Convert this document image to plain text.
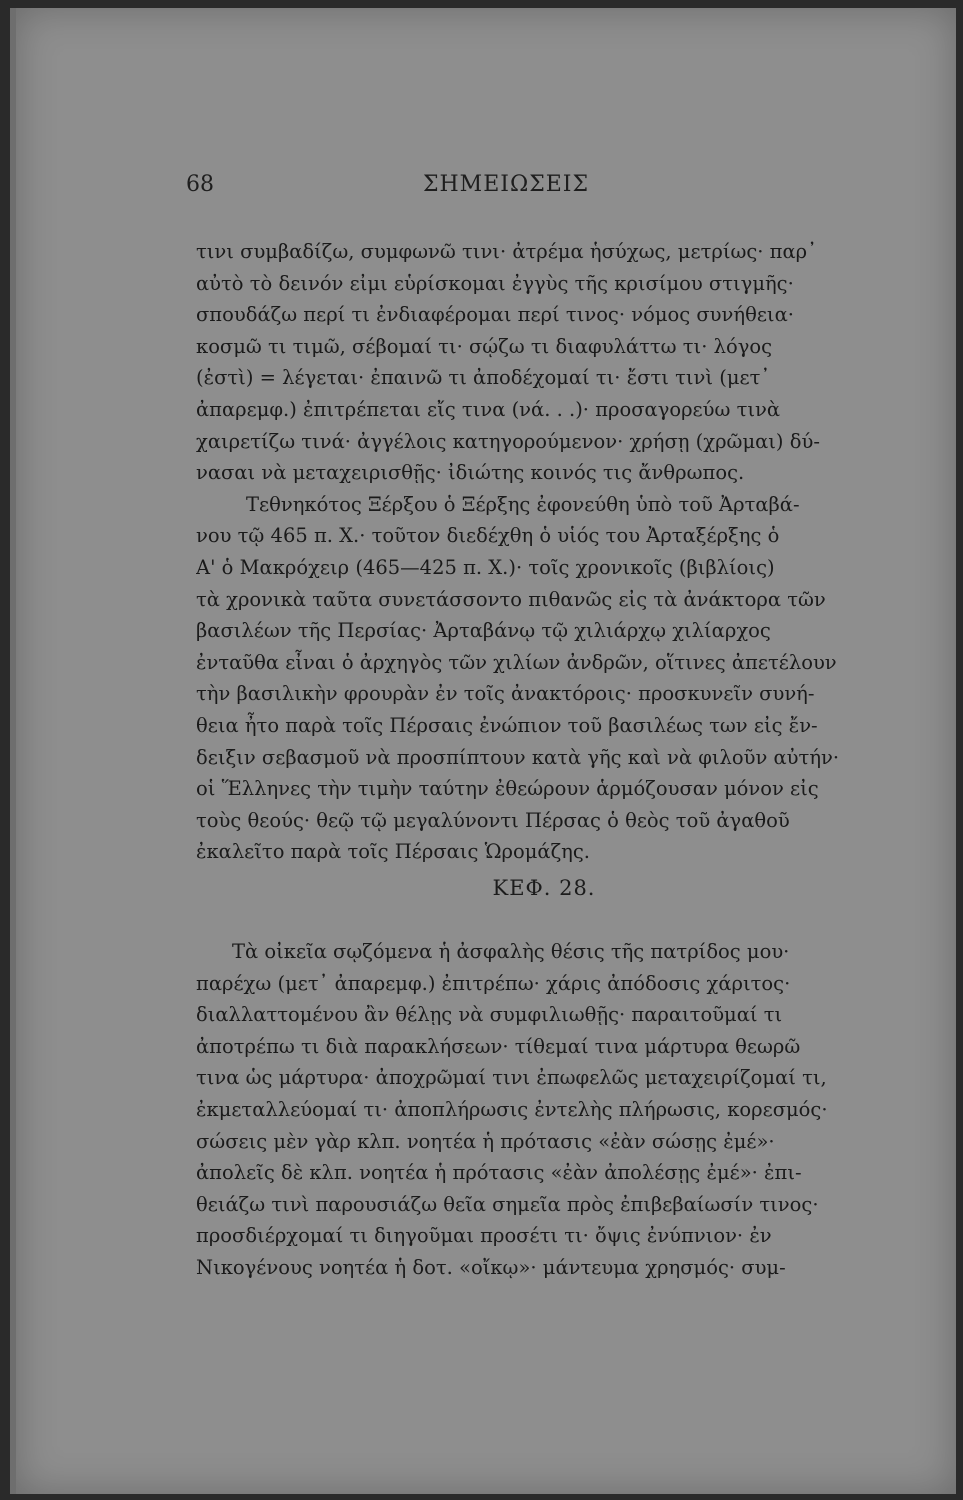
68	ΣΗΜΕΙΩΣΕΙΣ
τινι συμβαδίζω, συμφωνῶ τινι· ἀτρέμα ἡσύχως, μετρίως· παρ᾽
αὐτὸ τὸ δεινόν εἰμι εὑρίσκομαι ἐγγὺς τῆς κρισίμου στιγμῆς·
σπουδάζω περί τι ἐνδιαφέρομαι περί τινος· νόμος συνήθεια·
κοσμῶ τι τιμῶ, σέβομαί τι· σῴζω τι διαφυλάττω τι· λόγος
(ἐστὶ) = λέγεται· ἐπαινῶ τι ἀποδέχομαί τι· ἔστι τινὶ (μετ᾽
ἀπαρεμφ.) ἐπιτρέπεται εἴς τινα (νά. . .)· προσαγορεύω τινὰ
χαιρετίζω τινά· ἀγγέλοις κατηγορούμενον· χρήσῃ (χρῶμαι) δύ-
νασαι νὰ μεταχειρισθῇς· ἰδιώτης κοινός τις ἄνθρωπος.
Τεθνηκότος Ξέρξου ὁ Ξέρξης ἐφονεύθη ὑπὸ τοῦ Ἀρταβά-
νου τῷ 465 π. Χ.· τοῦτον διεδέχθη ὁ υἱός του Ἀρταξέρξης ὁ
Α' ὁ Μακρόχειρ (465—425 π. Χ.)· τοῖς χρονικοῖς (βιβλίοις)
τὰ χρονικὰ ταῦτα συνετάσσοντο πιθανῶς εἰς τὰ ἀνάκτορα τῶν
βασιλέων τῆς Περσίας· Ἀρταβάνῳ τῷ χιλιάρχῳ χιλίαρχος
ἐνταῦθα εἶναι ὁ ἀρχηγὸς τῶν χιλίων ἀνδρῶν, οἵτινες ἀπετέλουν
τὴν βασιλικὴν φρουρὰν ἐν τοῖς ἀνακτόροις· προσκυνεῖν συνή-
θεια ἦτο παρὰ τοῖς Πέρσαις ἐνώπιον τοῦ βασιλέως των εἰς ἔν-
δειξιν σεβασμοῦ νὰ προσπίπτουν κατὰ γῆς καὶ νὰ φιλοῦν αὐτήν·
οἱ Ἕλληνες τὴν τιμὴν ταύτην ἐθεώρουν ἁρμόζουσαν μόνον εἰς
τοὺς θεούς· θεῷ τῷ μεγαλύνοντι Πέρσας ὁ θεὸς τοῦ ἀγαθοῦ
ἐκαλεῖτο παρὰ τοῖς Πέρσαις Ὡρομάζης.
ΚΕΦ. 28.
Τὰ οἰκεῖα σῳζόμενα ἡ ἀσφαλὴς θέσις τῆς πατρίδος μου·
παρέχω (μετ᾽ ἀπαρεμφ.) ἐπιτρέπω· χάρις ἀπόδοσις χάριτος·
διαλλαττομένου ἂν θέλῃς νὰ συμφιλιωθῇς· παραιτοῦμαί τι
ἀποτρέπω τι διὰ παρακλήσεων· τίθεμαί τινα μάρτυρα θεωρῶ
τινα ὡς μάρτυρα· ἀποχρῶμαί τινι ἐπωφελῶς μεταχειρίζομαί τι,
ἐκμεταλλεύομαί τι· ἀποπλήρωσις ἐντελὴς πλήρωσις, κορεσμός·
σώσεις μὲν γὰρ κλπ. νοητέα ἡ πρότασις «ἐὰν σώσῃς ἐμέ»·
ἀπολεῖς δὲ κλπ. νοητέα ἡ πρότασις «ἐὰν ἀπολέσῃς ἐμέ»· ἐπι-
θειάζω τινὶ παρουσιάζω θεῖα σημεῖα πρὸς ἐπιβεβαίωσίν τινος·
προσδιέρχομαί τι διηγοῦμαι προσέτι τι· ὄψις ἐνύπνιον· ἐν
Νικογένους νοητέα ἡ δοτ. «οἴκῳ»· μάντευμα χρησμός· συμ-
